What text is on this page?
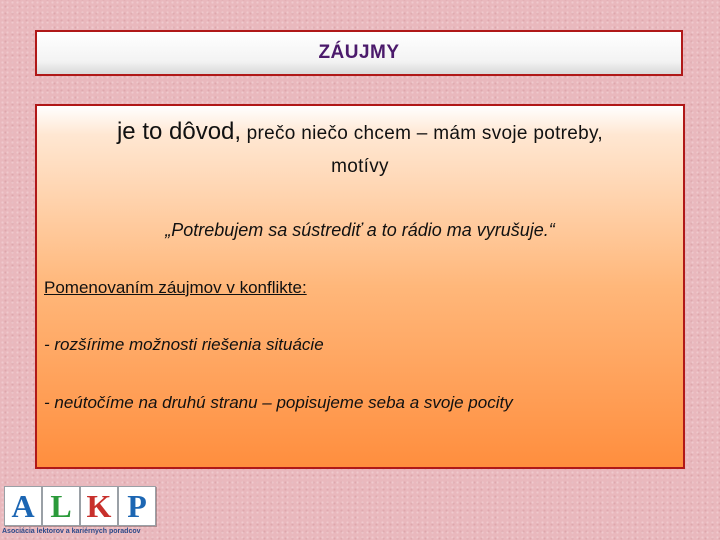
ZÁUJMY
je to dôvod, prečo niečo chcem – mám svoje potreby,
motívy
„Potrebujem sa sústrediť a to rádio ma vyrušuje.“
Pomenovaním záujmov v konflikte:
- rozšírime možnosti riešenia situácie
- neútočíme na druhú stranu – popisujeme seba a svoje pocity
A L K P
Asociácia lektorov a kariérnych poradcov
